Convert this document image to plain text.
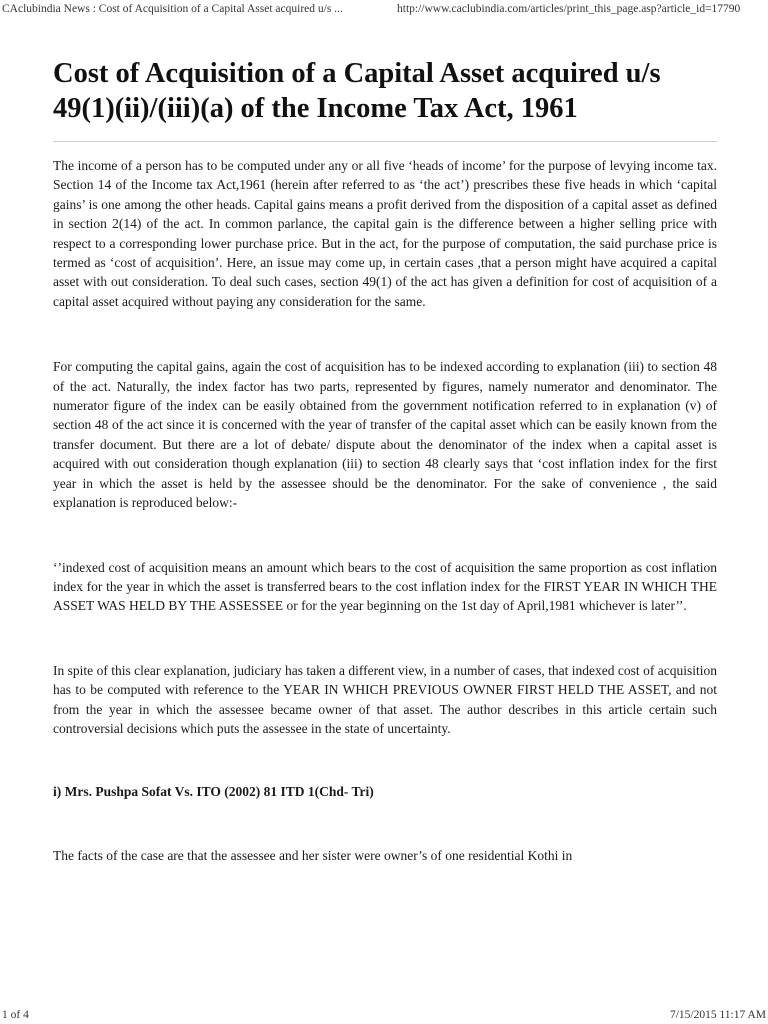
CAclubindia News : Cost of Acquisition of a Capital Asset acquired u/s ...	http://www.caclubindia.com/articles/print_this_page.asp?article_id=17790
Cost of Acquisition of a Capital Asset acquired u/s 49(1)(ii)/(iii)(a) of the Income Tax Act, 1961

The income of a person has to be computed under any or all five ‘heads of income’ for the purpose of levying income tax. Section 14 of the Income tax Act,1961 (herein after referred to as ‘the act’) prescribes these five heads in which ‘capital gains’ is one among the other heads. Capital gains means a profit derived from the disposition of a capital asset as defined in section 2(14) of the act. In common parlance, the capital gain is the difference between a higher selling price with respect to a corresponding lower purchase price. But in the act, for the purpose of computation, the said purchase price is termed as ‘cost of acquisition’. Here, an issue may come up, in certain cases ,that a person might have acquired a capital asset with out consideration. To deal such cases, section 49(1) of the act has given a definition for cost of acquisition of a capital asset acquired without paying any consideration for the same.

For computing the capital gains, again the cost of acquisition has to be indexed according to explanation (iii) to section 48 of the act. Naturally, the index factor has two parts, represented by figures, namely numerator and denominator. The numerator figure of the index can be easily obtained from the government notification referred to in explanation (v) of section 48 of the act since it is concerned with the year of transfer of the capital asset which can be easily known from the transfer document. But there are a lot of debate/ dispute about the denominator of the index when a capital asset is acquired with out consideration though explanation (iii) to section 48 clearly says that ‘cost inflation index for the first year in which the asset is held by the assessee should be the denominator. For the sake of convenience , the said explanation is reproduced below:-

‘’indexed cost of acquisition means an amount which bears to the cost of acquisition the same proportion as cost inflation index for the year in which the asset is transferred bears to the cost inflation index for the FIRST YEAR IN WHICH THE ASSET WAS HELD BY THE ASSESSEE or for the year beginning on the 1st day of April,1981 whichever is later’’.

In spite of this clear explanation, judiciary has taken a different view, in a number of cases, that indexed cost of acquisition has to be computed with reference to the YEAR IN WHICH PREVIOUS OWNER FIRST HELD THE ASSET, and not from the year in which the assessee became owner of that asset. The author describes in this article certain such controversial decisions which puts the assessee in the state of uncertainty.

i) Mrs. Pushpa Sofat Vs. ITO (2002) 81 ITD 1(Chd- Tri)

The facts of the case are that the assessee and her sister were owner’s of one residential Kothi in

1 of 4	7/15/2015 11:17 AM
